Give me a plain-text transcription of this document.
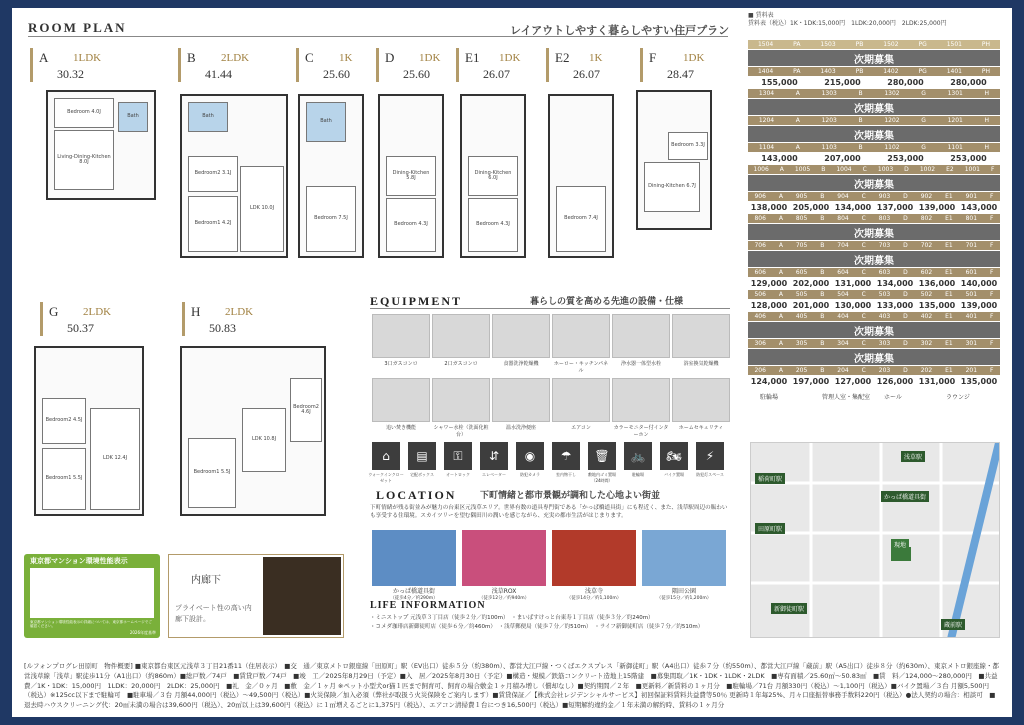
ROOM PLAN	レイアウトしやすく暮らしやすい住戸プラン
A 1LDK
30.32
B 2LDK
41.44
C 1K
25.60
D 1DK
25.60
E1 1DK
26.07
E2 1K
26.07
F 1DK
28.47
Bedroom 4.0J
Living-Dining-Kitchen 8.0J
Bath
Bedroom2 3.1J
Bedroom1 4.2J
LDK 10.0J
Bath
Bath
Bedroom 7.5J
Dining-Kitchen 5.8J
Bedroom 4.3J
Dining-Kitchen 6.0J
Bedroom 4.3J
Bedroom 7.4J
Bedroom 3.3J
Dining-Kitchen 6.7J
G 2LDK
50.37
H 2LDK
50.83
Bedroom2 4.5J
Bedroom1 5.5J
LDK 12.4J
Bedroom1 5.5J
LDK 10.8J
Bedroom2 4.6J
東京都マンション環境性能表示
東京都マンション環境性能表示の詳細については、東京都ホームページでご確認ください。
2026年度基準
内廊下
プライベート性の高い内廊下設計。
EQUIPMENT	暮らしの質を高める先進の設備・仕様
3口ガスコンロ	2口ガスコンロ	食器洗浄乾燥機	ホーロー・キッチンパネル
浄水器一体型水栓	浴室換気乾燥機
追い焚き機能	シャワー水栓（洗面化粧台）
温水洗浄便座	エアコン	カラーモニター付インターホン
ホームセキュリティ
⌂
ウォークインクローゼット
▤
宅配ボックス
⚿
オートロック
⇵
エレベーター
◉
防犯カメラ
☂
室内物干し
🗑
敷地内ゴミ置場（24時間）
🚲
駐輪場
🏍
バイク置場
⚡
防犯灯スペース
LOCATION	下町情緒と都市景観が調和した心地よい街並
下町情緒が残る街並みが魅力の台東区元浅草エリア。世界有数の道具専門街である「かっぱ橋道具街」にも程近く、また、浅草駅周辺の賑わいも享受する住環境。スカイツリーを望む隅田川の潤いを感じながら、充実の都市生活がはじまります。
かっぱ橋道具街
（徒歩4分／約290m）
浅草ROX
（徒歩12分／約940m）
浅草寺
（徒歩14分／約1,100m）
隅田公園
（徒歩15分／約1,200m）
LIFE INFORMATION
・ミニストップ 元浅草３丁目店（徒歩２分／約100m）　・まいばすけっと台東寿１丁目店（徒歩３分／約240m）
・コメダ珈琲店新御徒町店（徒歩６分／約460m）　・浅草郵便局（徒歩７分／約510m）　・ライフ新御徒町店（徒歩７分／約510m）
■ 賃料表
賃料表（税込）1K・1DK:15,000円　1LDK:20,000円　2LDK:25,000円
1504	PA	1503	PB	1502	PG	1501	PH
次期募集
1404	PA	1403	PB	1402	PG	1401	PH
155,000	215,000	280,000	280,000
1304	A	1303	B	1302	G	1301	H
次期募集
1204	A	1203	B	1202	G	1201	H
次期募集
1104	A	1103	B	1102	G	1101	H
143,000	207,000	253,000	253,000
1006 A 1005 B 1004 C 1003 D 1002 E2 1001 F
次期募集
906 A 905 B 904 C 903 D 902 E1 901 F
138,000 205,000 134,000 137,000 139,000 143,000
806 A 805 B 804 C 803 D 802 E1 801 F
次期募集
706 A 705 B 704 C 703 D 702 E1 701 F
次期募集
606 A 605 B 604 C 603 D 602 E1 601 F
129,000 202,000 131,000 134,000 136,000 140,000
506 A 505 B 504 C 503 D 502 E1 501 F
128,000 201,000 130,000 133,000 135,000 139,000
406 A 405 B 404 C 403 D 402 E1 401 F
次期募集
306 A 305 B 304 C 303 D 302 E1 301 F
次期募集
206 A 205 B 204 C 203 D 202 E1 201 F
124,000 197,000 127,000 126,000 131,000 135,000
駐輪場	管理人室・集配室 ホール	ラウンジ
稲荷町駅
浅草駅
かっぱ橋道具街
新御徒町駅
蔵前駅
現地
田原町駅
[ルフォンプログレ田原町　物件概要] ■東京都台東区元浅草３丁目21番11（住居表示）　■交　通／東京メトロ銀座線「田原町」駅（EV出口）徒歩５分（約380m）、都営大江戸線・つくばエクスプレス「新御徒町」駅（A4出口）徒歩７分（約550m）、都営大江戸線「蔵前」駅（A5出口）徒歩８分（約630m）、東京メトロ銀座線・都営浅草線「浅草」駅徒歩11分（A1出口）（約860m）■総戸数／74戸　■賃貸戸数／74戸　■竣　工／2025年8月29日（予定）■入　居／2025年8月30日（予定）■構造・規模／鉄筋コンクリート造地上15階建　■募集間取／1K・1DK・1LDK・2LDK　■専有面積／25.60㎡〜50.83㎡　■賃　料／124,000〜280,000円　■共益費／1K・1DK：15,000円　1LDK：20,000円　2LDK：25,000円　■礼　金／０ヶ月　■敷　金／１ヶ月 ※ペット小型犬or猫１匹まで飼育可、飼育の場合敷金１ヶ月積み増し（償却なし）■契約期間／２年　■更新料／新賃料の１ヶ月分　■駐輪場／71台 月額330円（税込）〜1,100円（税込）■バイク置場／３台 月額5,500円（税込）※125cc以下まで駐輪可　■駐車場／３台 月額44,000円（税込）〜49,500円（税込）■火災保険／加入必須（弊社が取扱う火災保険をご案内します）■賃貸保証／【株式会社レジデンシャルサービス】初回保証料賃料共益費等50％ 更新時１年毎25%、月々口座振替事務手数料220円（税込）●法人契約の場合：相談可　■退去時ハウスクリーニング代：20㎡未満の場合は39,600円（税込）、20㎡以上は39,600円（税込）に１㎡増えるごとに1,375円（税込）、エアコン清掃費１台につき16,500円（税込）■短期解約違約金／１年未満の解約時、賃料の１ヶ月分
